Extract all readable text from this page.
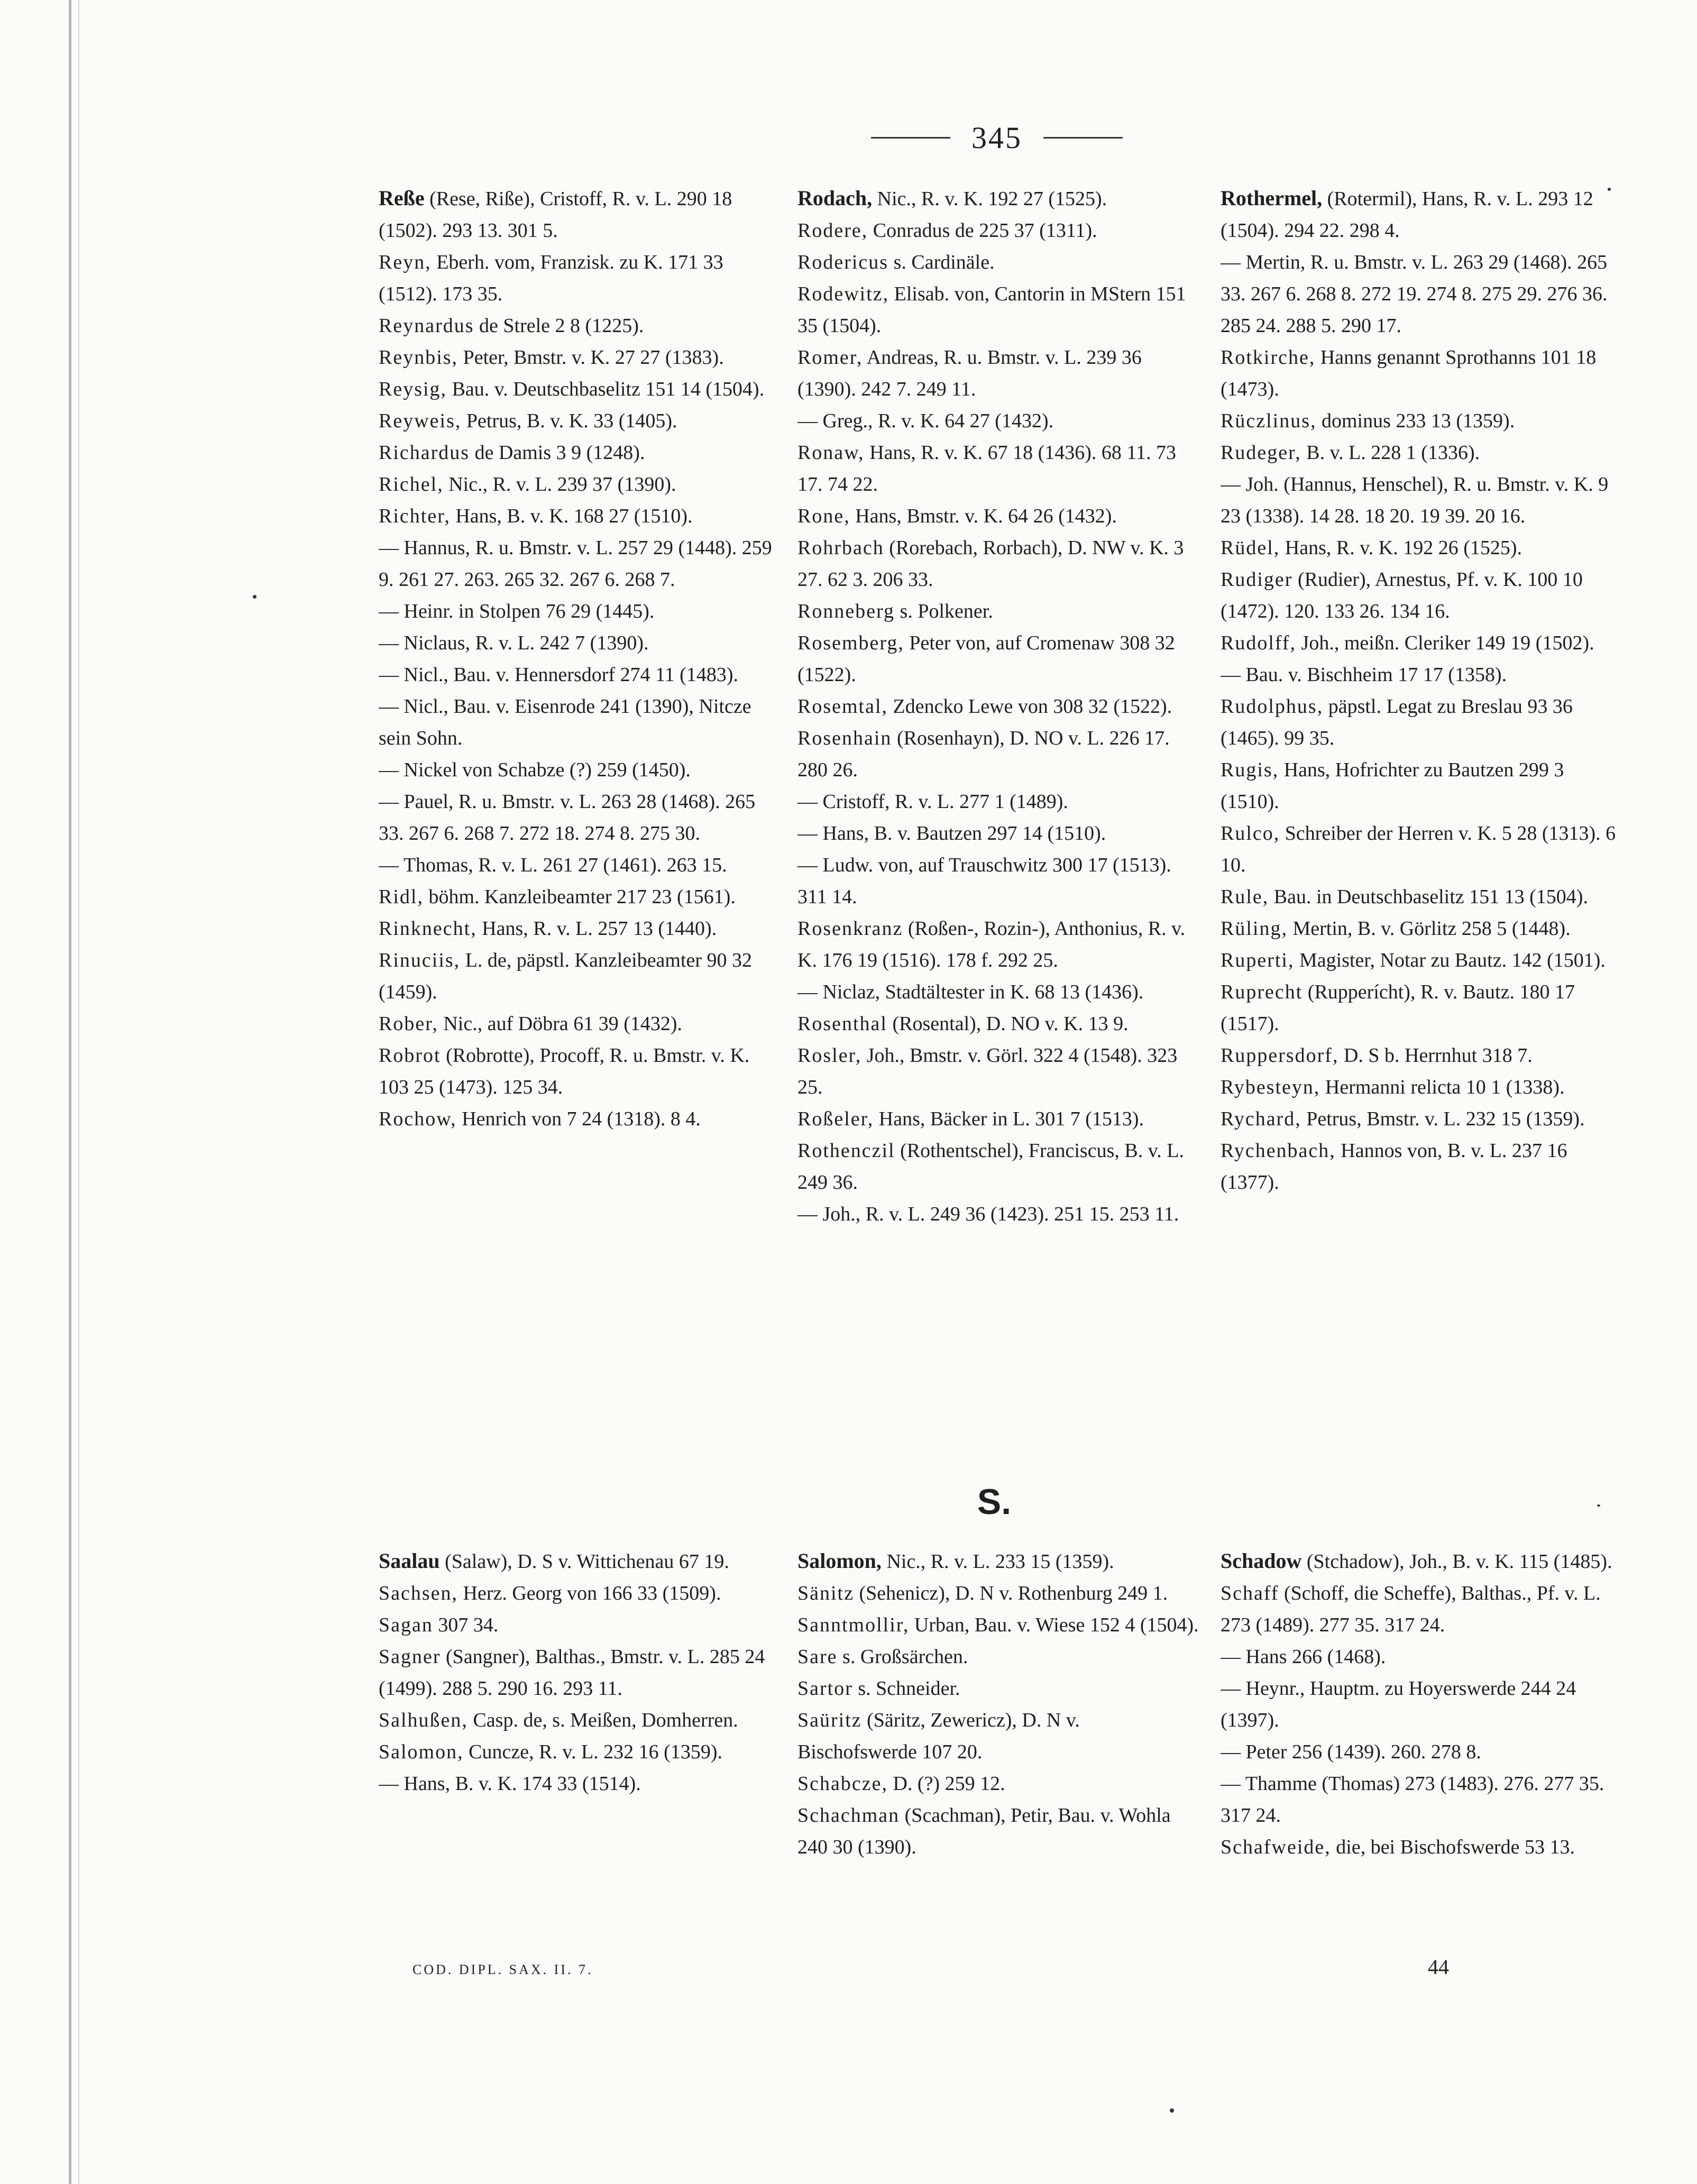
345
Reße (Rese, Riße), Cristoff, R. v. L. 290 18 (1502). 293 13. 301 5.
Reyn, Eberh. vom, Franzisk. zu K. 171 33 (1512). 173 35.
Reynardus de Strele 2 8 (1225).
Reynbis, Peter, Bmstr. v. K. 27 27 (1383).
Reysig, Bau. v. Deutschbaselitz 151 14 (1504).
Reyweis, Petrus, B. v. K. 33 (1405).
Richardus de Damis 3 9 (1248).
Richel, Nic., R. v. L. 239 37 (1390).
Richter, Hans, B. v. K. 168 27 (1510).
— Hannus, R. u. Bmstr. v. L. 257 29 (1448). 259 9. 261 27. 263. 265 32. 267 6. 268 7.
— Heinr. in Stolpen 76 29 (1445).
— Niclaus, R. v. L. 242 7 (1390).
— Nicl., Bau. v. Hennersdorf 274 11 (1483).
— Nicl., Bau. v. Eisenrode 241 (1390), Nitcze sein Sohn.
— Nickel von Schabze (?) 259 (1450).
— Pauel, R. u. Bmstr. v. L. 263 28 (1468). 265 33. 267 6. 268 7. 272 18. 274 8. 275 30.
— Thomas, R. v. L. 261 27 (1461). 263 15.
Ridl, böhm. Kanzleibeamter 217 23 (1561).
Rinknecht, Hans, R. v. L. 257 13 (1440).
Rinuciis, L. de, päpstl. Kanzleibeamter 90 32 (1459).
Rober, Nic., auf Döbra 61 39 (1432).
Robrot (Robrotte), Procoff, R. u. Bmstr. v. K. 103 25 (1473). 125 34.
Rochow, Henrich von 7 24 (1318). 8 4.
Rodach, Nic., R. v. K. 192 27 (1525).
Rodere, Conradus de 225 37 (1311).
Rodericus s. Cardinäle.
Rodewitz, Elisab. von, Cantorin in MStern 151 35 (1504).
Romer, Andreas, R. u. Bmstr. v. L. 239 36 (1390). 242 7. 249 11.
— Greg., R. v. K. 64 27 (1432).
Ronaw, Hans, R. v. K. 67 18 (1436). 68 11. 73 17. 74 22.
Rone, Hans, Bmstr. v. K. 64 26 (1432).
Rohrbach (Rorebach, Rorbach), D. NW v. K. 3 27. 62 3. 206 33.
Ronneberg s. Polkener.
Rosemberg, Peter von, auf Cromenaw 308 32 (1522).
Rosemtal, Zdencko Lewe von 308 32 (1522).
Rosenhain (Rosenhayn), D. NO v. L. 226 17. 280 26.
— Cristoff, R. v. L. 277 1 (1489).
— Hans, B. v. Bautzen 297 14 (1510).
— Ludw. von, auf Trauschwitz 300 17 (1513). 311 14.
Rosenkranz (Roßen-, Rozin-), Anthonius, R. v. K. 176 19 (1516). 178 f. 292 25.
— Niclaz, Stadtältester in K. 68 13 (1436).
Rosenthal (Rosental), D. NO v. K. 13 9.
Rosler, Joh., Bmstr. v. Görl. 322 4 (1548). 323 25.
Roßeler, Hans, Bäcker in L. 301 7 (1513).
Rothenczil (Rothentschel), Franciscus, B. v. L. 249 36.
— Joh., R. v. L. 249 36 (1423). 251 15. 253 11.
Rothermel, (Rotermil), Hans, R. v. L. 293 12 (1504). 294 22. 298 4.
— Mertin, R. u. Bmstr. v. L. 263 29 (1468). 265 33. 267 6. 268 8. 272 19. 274 8. 275 29. 276 36. 285 24. 288 5. 290 17.
Rotkirche, Hanns genannt Sprothanns 101 18 (1473).
Rüczlinus, dominus 233 13 (1359).
Rudeger, B. v. L. 228 1 (1336).
— Joh. (Hannus, Henschel), R. u. Bmstr. v. K. 9 23 (1338). 14 28. 18 20. 19 39. 20 16.
Rüdel, Hans, R. v. K. 192 26 (1525).
Rudiger (Rudier), Arnestus, Pf. v. K. 100 10 (1472). 120. 133 26. 134 16.
Rudolff, Joh., meißn. Cleriker 149 19 (1502).
— Bau. v. Bischheim 17 17 (1358).
Rudolphus, päpstl. Legat zu Breslau 93 36 (1465). 99 35.
Rugis, Hans, Hofrichter zu Bautzen 299 3 (1510).
Rulco, Schreiber der Herren v. K. 5 28 (1313). 6 10.
Rule, Bau. in Deutschbaselitz 151 13 (1504).
Rüling, Mertin, B. v. Görlitz 258 5 (1448).
Ruperti, Magister, Notar zu Bautz. 142 (1501).
Ruprecht (Rupperícht), R. v. Bautz. 180 17 (1517).
Ruppersdorf, D. S b. Herrnhut 318 7.
Rybesteyn, Hermanni relicta 10 1 (1338).
Rychard, Petrus, Bmstr. v. L. 232 15 (1359).
Rychenbach, Hannos von, B. v. L. 237 16 (1377).
S.
Saalau (Salaw), D. S v. Wittichenau 67 19.
Sachsen, Herz. Georg von 166 33 (1509).
Sagan 307 34.
Sagner (Sangner), Balthas., Bmstr. v. L. 285 24 (1499). 288 5. 290 16. 293 11.
Salhußen, Casp. de, s. Meißen, Domherren.
Salomon, Cuncze, R. v. L. 232 16 (1359).
— Hans, B. v. K. 174 33 (1514).
Salomon, Nic., R. v. L. 233 15 (1359).
Sänitz (Sehenicz), D. N v. Rothenburg 249 1.
Sanntmollir, Urban, Bau. v. Wiese 152 4 (1504).
Sare s. Großsärchen.
Sartor s. Schneider.
Saüritz (Säritz, Zewericz), D. N v. Bischofswerde 107 20.
Schabcze, D. (?) 259 12.
Schachman (Scachman), Petir, Bau. v. Wohla 240 30 (1390).
Schadow (Stchadow), Joh., B. v. K. 115 (1485).
Schaff (Schoff, die Scheffe), Balthas., Pf. v. L. 273 (1489). 277 35. 317 24.
— Hans 266 (1468).
— Heynr., Hauptm. zu Hoyerswerde 244 24 (1397).
— Peter 256 (1439). 260. 278 8.
— Thamme (Thomas) 273 (1483). 276. 277 35. 317 24.
Schafweide, die, bei Bischofswerde 53 13.
COD. DIPL. SAX. II. 7.	44
